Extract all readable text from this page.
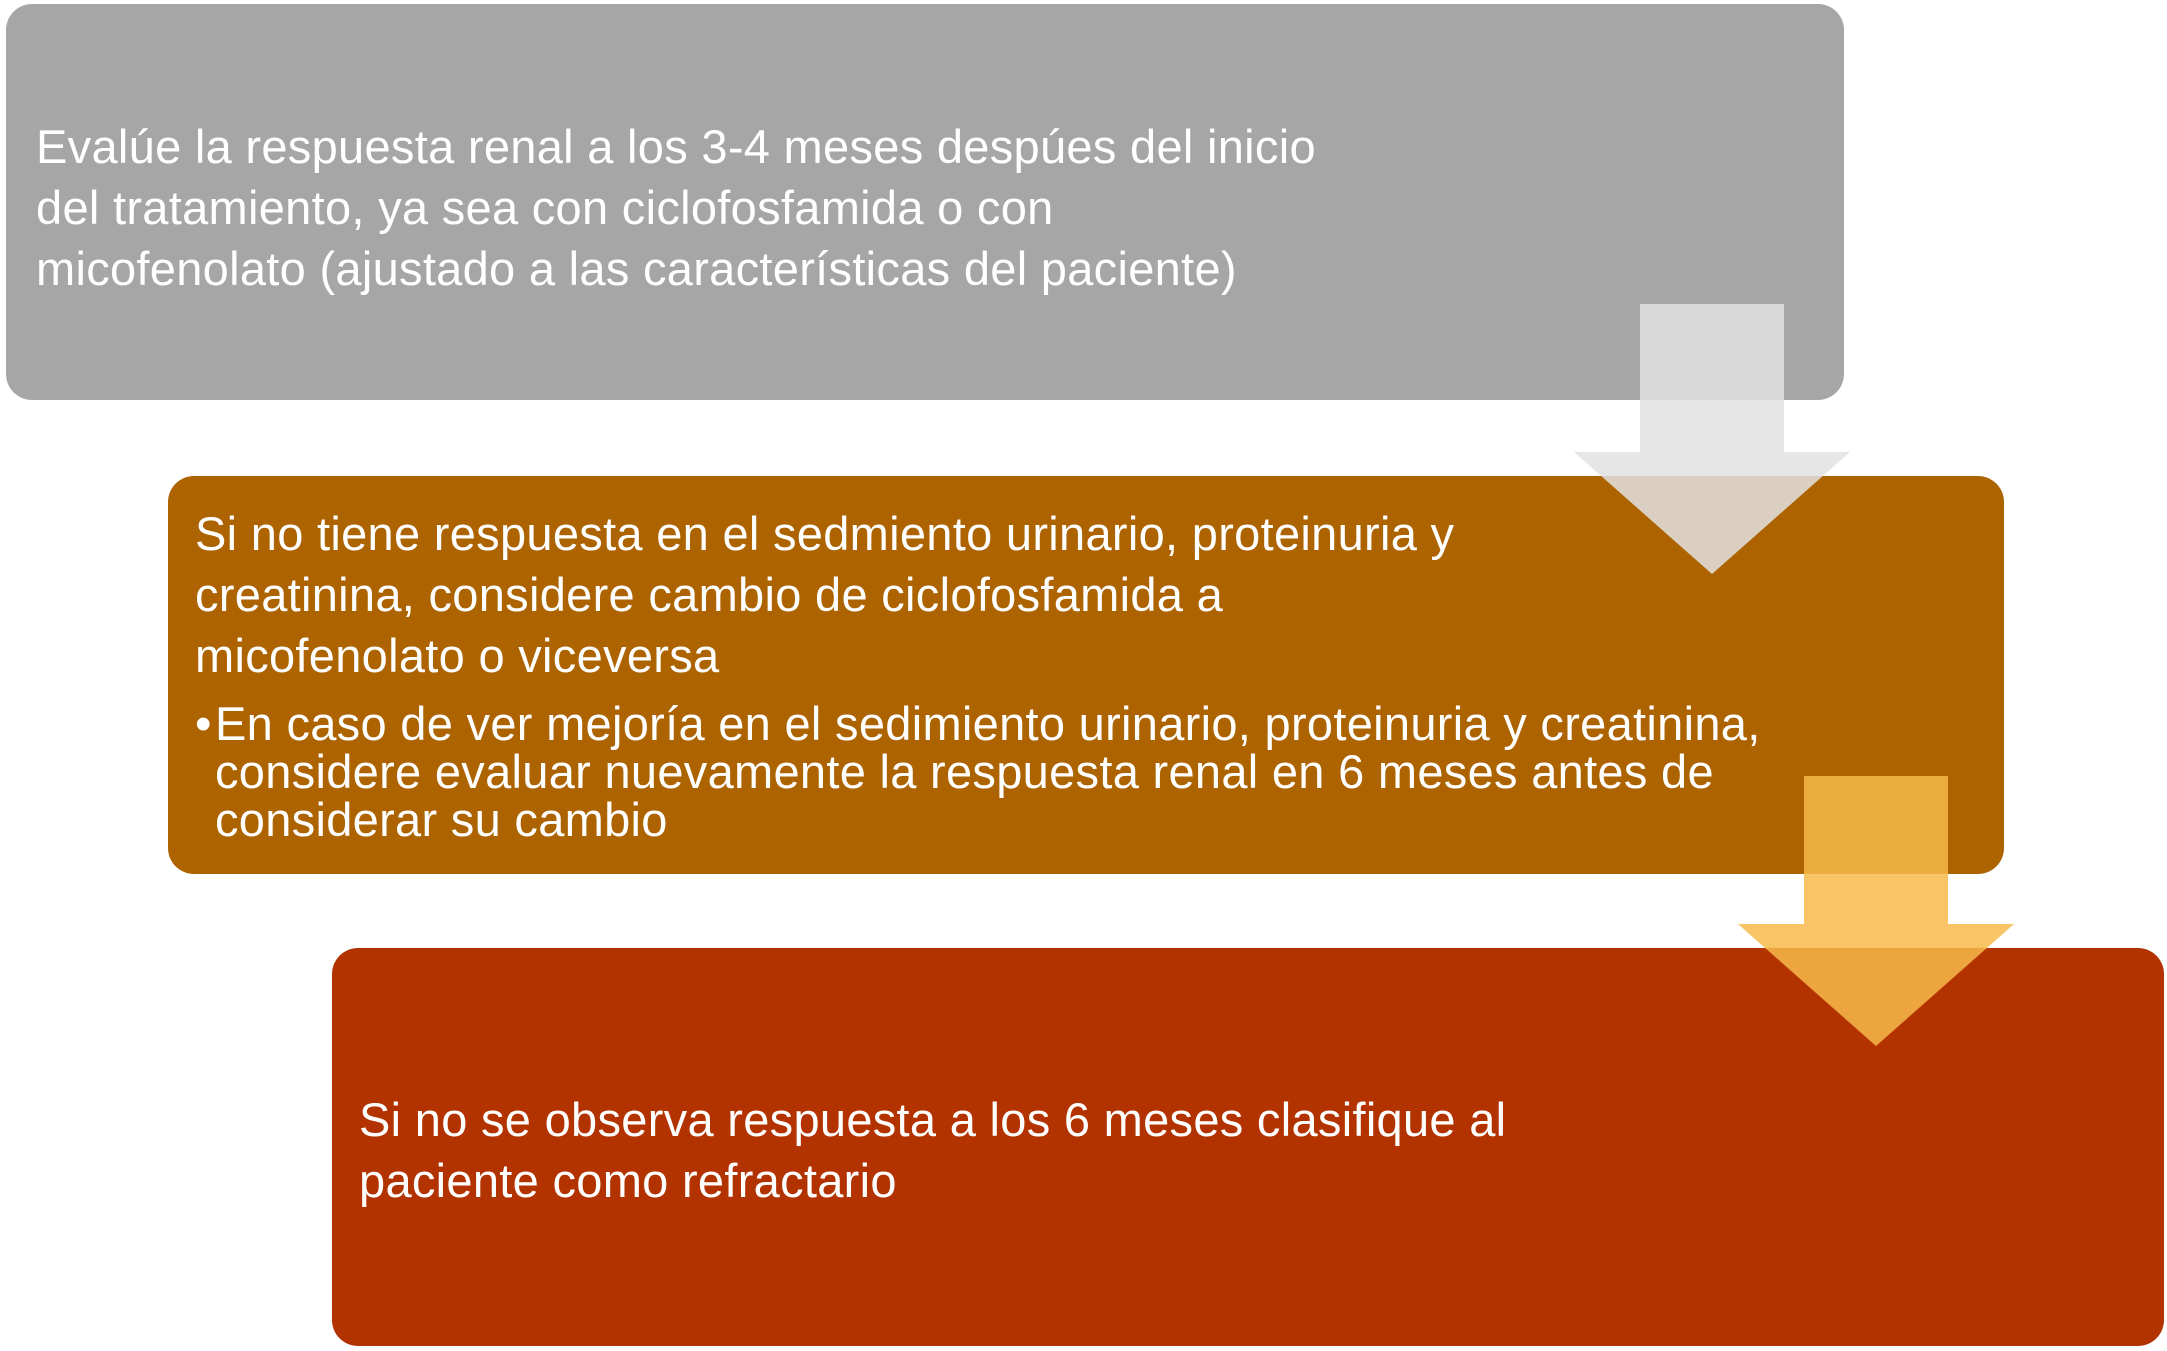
Evalúe la respuesta renal a los 3-4 meses despúes del inicio
del tratamiento, ya sea con ciclofosfamida o con
micofenolato (ajustado a las características del paciente)

Si no tiene respuesta en el sedmiento urinario, proteinuria y
creatinina, considere cambio de ciclofosfamida a
micofenolato o viceversa

• En caso de ver mejoría en el sedimiento urinario, proteinuria y creatinina,
considere evaluar nuevamente la respuesta renal en 6 meses antes de
considerar su cambio

Si no se observa respuesta a los 6 meses clasifique al
paciente como refractario
